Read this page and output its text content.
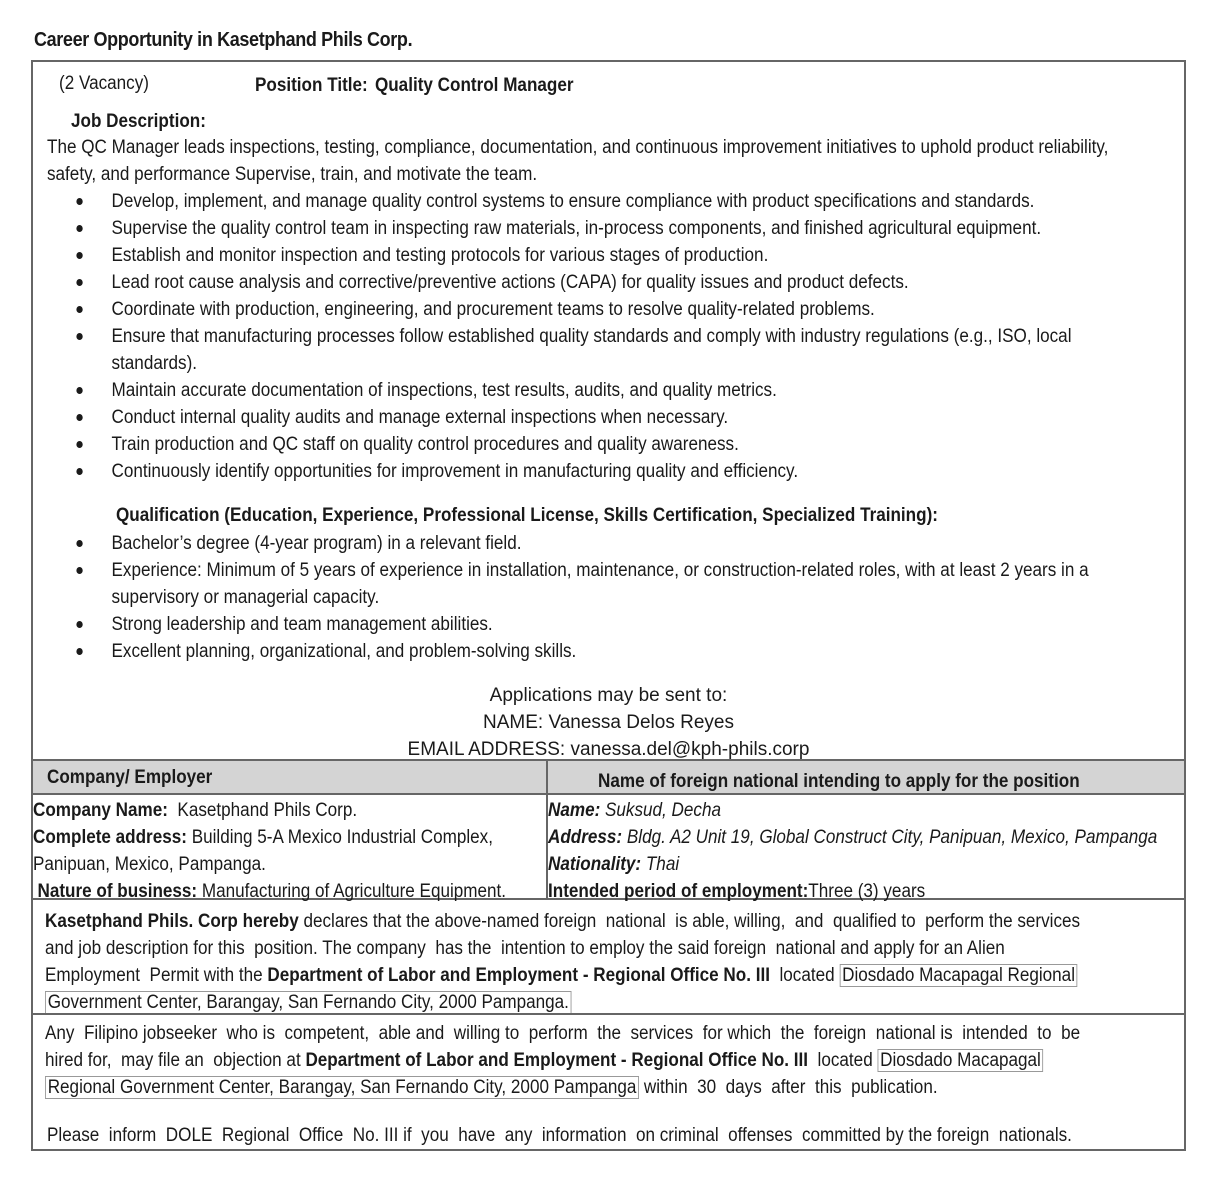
Career Opportunity in Kasetphand Phils Corp.
(2 Vacancy)	Position Title: Quality Control Manager
Job Description:
The QC Manager leads inspections, testing, compliance, documentation, and continuous improvement initiatives to uphold product reliability,
safety, and performance Supervise, train, and motivate the team.
Develop, implement, and manage quality control systems to ensure compliance with product specifications and standards.
Supervise the quality control team in inspecting raw materials, in-process components, and finished agricultural equipment.
Establish and monitor inspection and testing protocols for various stages of production.
Lead root cause analysis and corrective/preventive actions (CAPA) for quality issues and product defects.
Coordinate with production, engineering, and procurement teams to resolve quality-related problems.
Ensure that manufacturing processes follow established quality standards and comply with industry regulations (e.g., ISO, local
standards).
Maintain accurate documentation of inspections, test results, audits, and quality metrics.
Conduct internal quality audits and manage external inspections when necessary.
Train production and QC staff on quality control procedures and quality awareness.
Continuously identify opportunities for improvement in manufacturing quality and efficiency.
Qualification (Education, Experience, Professional License, Skills Certification, Specialized Training):
Bachelor’s degree (4-year program) in a relevant field.
Experience: Minimum of 5 years of experience in installation, maintenance, or construction-related roles, with at least 2 years in a
supervisory or managerial capacity.
Strong leadership and team management abilities.
Excellent planning, organizational, and problem-solving skills.
Applications may be sent to:
NAME: Vanessa Delos Reyes
EMAIL ADDRESS: vanessa.del@kph-phils.corp
Company/ Employer	Name of foreign national intending to apply for the position
Company Name:  Kasetphand Phils Corp.
Complete address: Building 5-A Mexico Industrial Complex,
Panipuan, Mexico, Pampanga.
Nature of business: Manufacturing of Agriculture Equipment.
Name: Suksud, Decha
Address: Bldg. A2 Unit 19, Global Construct City, Panipuan, Mexico, Pampanga
Nationality: Thai
Intended period of employment:Three (3) years
Kasetphand Phils. Corp hereby declares that the above-named foreign  national  is able, willing,  and  qualified to  perform the services
and job description for this  position. The company  has the  intention to employ the said foreign  national and apply for an Alien
Employment  Permit with the Department of Labor and Employment - Regional Office No. III  located Diosdado Macapagal Regional
Government Center, Barangay, San Fernando City, 2000 Pampanga.
Any  Filipino jobseeker  who is  competent,  able and  willing to  perform  the  services  for which  the  foreign  national is  intended  to  be
hired for,  may file an  objection at Department of Labor and Employment - Regional Office No. III  located Diosdado Macapagal
Regional Government Center, Barangay, San Fernando City, 2000 Pampanga within  30  days  after  this  publication.
Please  inform  DOLE  Regional  Office  No. III if  you  have  any  information  on criminal  offenses  committed by the foreign  nationals.
